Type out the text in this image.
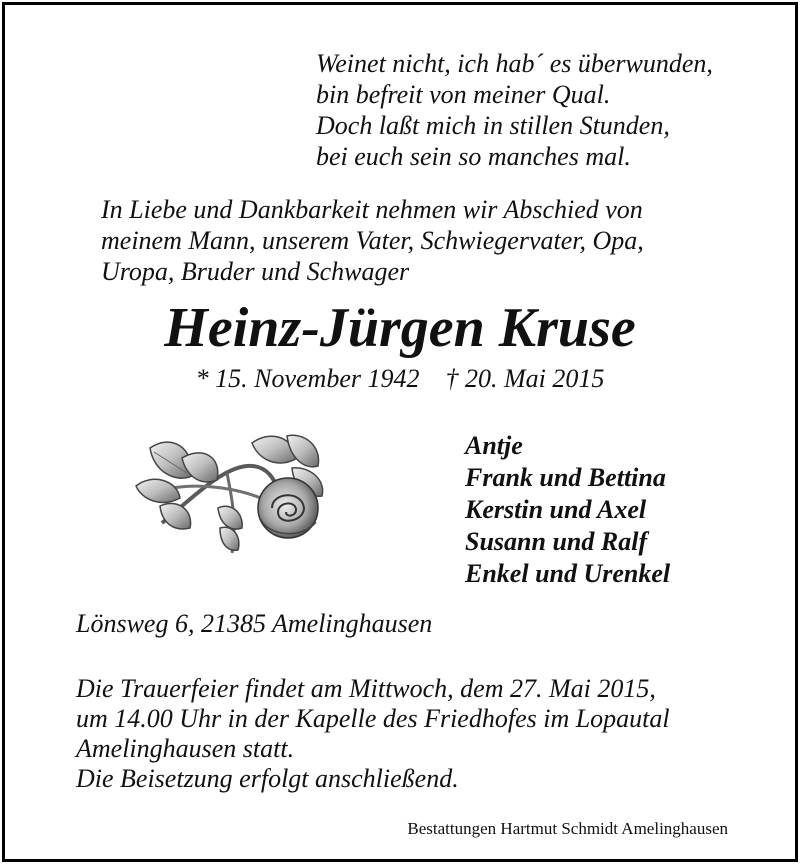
Weinet nicht, ich hab´ es überwunden,
bin befreit von meiner Qual.
Doch laßt mich in stillen Stunden,
bei euch sein so manches mal.
In Liebe und Dankbarkeit nehmen wir Abschied von
meinem Mann, unserem Vater, Schwiegervater, Opa,
Uropa, Bruder und Schwager
Heinz-Jürgen Kruse
* 15. November 1942 † 20. Mai 2015
Antje
Frank und Bettina
Kerstin und Axel
Susann und Ralf
Enkel und Urenkel
Lönsweg 6, 21385 Amelinghausen
Die Trauerfeier findet am Mittwoch, dem 27. Mai 2015,
um 14.00 Uhr in der Kapelle des Friedhofes im Lopautal
Amelinghausen statt.
Die Beisetzung erfolgt anschließend.
Bestattungen Hartmut Schmidt Amelinghausen
